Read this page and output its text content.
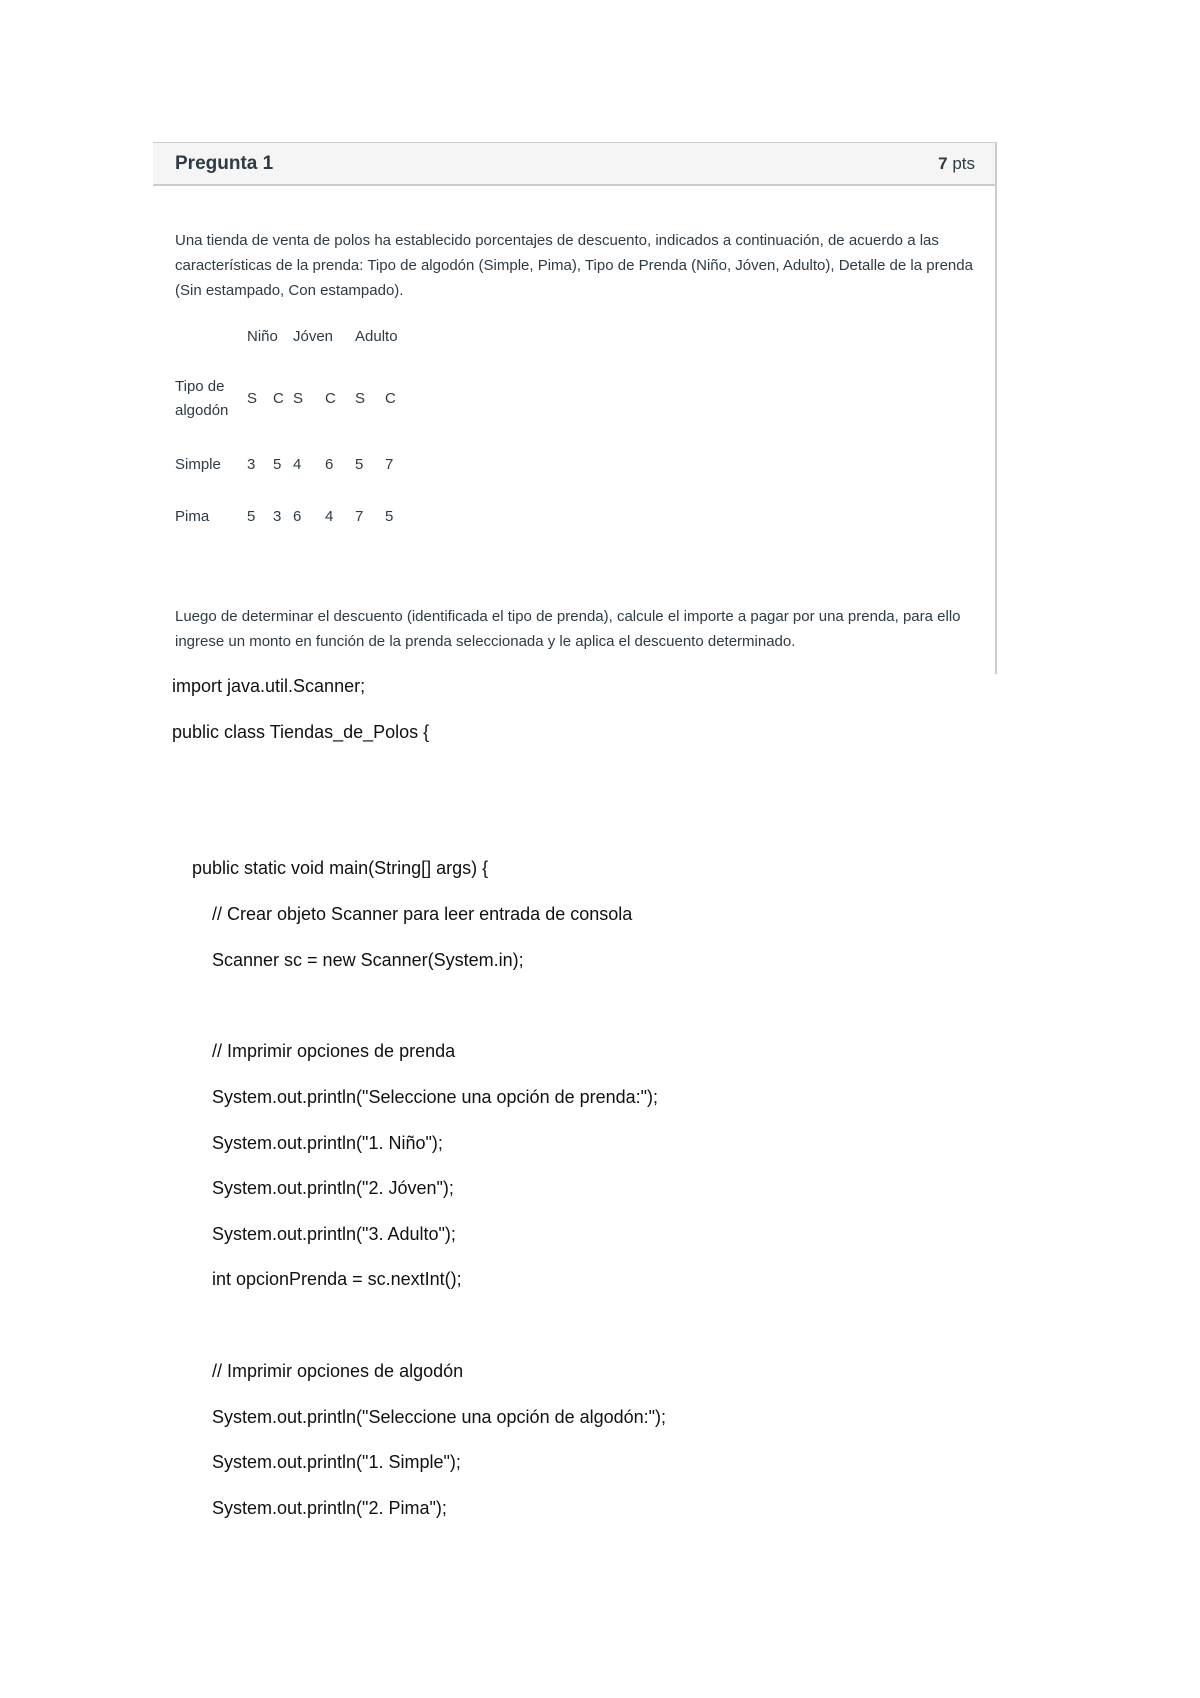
Pregunta 1	7 pts

Una tienda de venta de polos ha establecido porcentajes de descuento, indicados a continuación, de acuerdo a las características de la prenda: Tipo de algodón (Simple, Pima), Tipo de Prenda (Niño, Jóven, Adulto), Detalle de la prenda (Sin estampado, Con estampado).

Niño Jóven Adulto
Tipo de
algodón
S C S C S C
Simple 3 5 4 6 5 7
Pima	5 3 6 4 7 5

Luego de determinar el descuento (identificada el tipo de prenda), calcule el importe a pagar por una prenda, para ello ingrese un monto en función de la prenda seleccionada y le aplica el descuento determinado.

import java.util.Scanner;
public class Tiendas_de_Polos {
public static void main(String[] args) {
// Crear objeto Scanner para leer entrada de consola
Scanner sc = new Scanner(System.in);
// Imprimir opciones de prenda
System.out.println("Seleccione una opción de prenda:");
System.out.println("1. Niño");
System.out.println("2. Jóven");
System.out.println("3. Adulto");
int opcionPrenda = sc.nextInt();
// Imprimir opciones de algodón
System.out.println("Seleccione una opción de algodón:");
System.out.println("1. Simple");
System.out.println("2. Pima");
